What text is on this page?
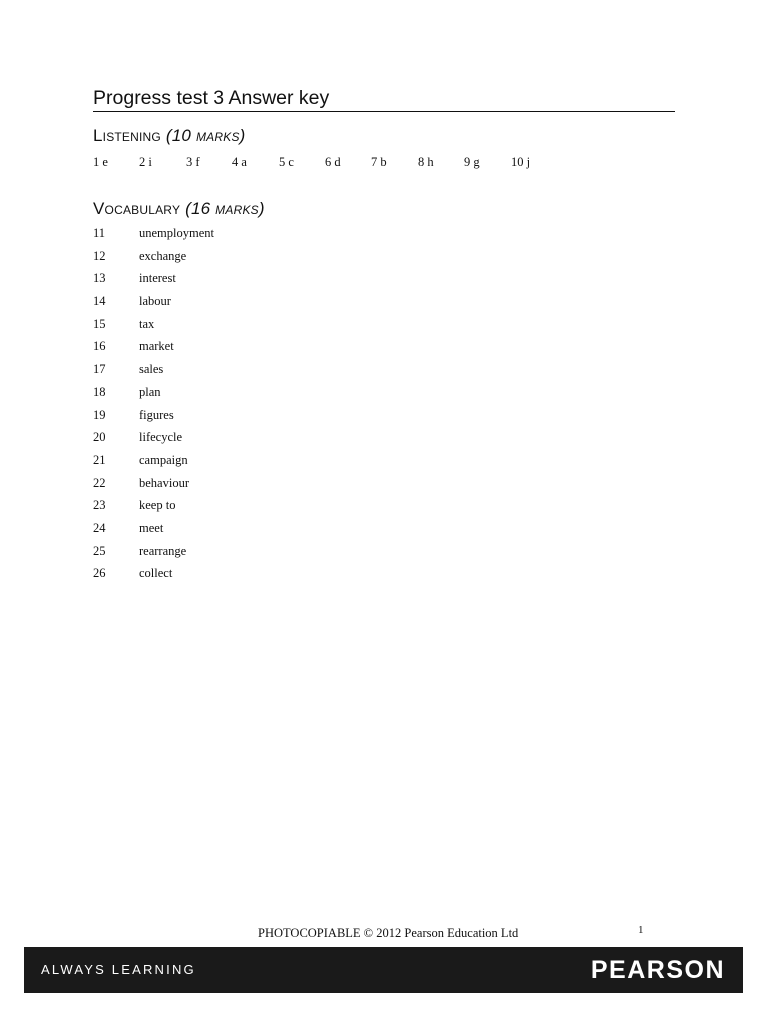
Progress test 3 Answer key
Listening (10 marks)
1 e 2 i	3 f	4 a	5 c 6 d 7 b	8 h 9 g	10 j
Vocabulary (16 marks)
11	unemployment
12	exchange
13	interest
14	labour
15	tax
16	market
17	sales
18	plan
19	figures
20	lifecycle
21	campaign
22	behaviour
23	keep to
24	meet
25	rearrange
26	collect
PHOTOCOPIABLE © 2012 Pearson Education Ltd	1
ALWAYS LEARNING	PEARSON
